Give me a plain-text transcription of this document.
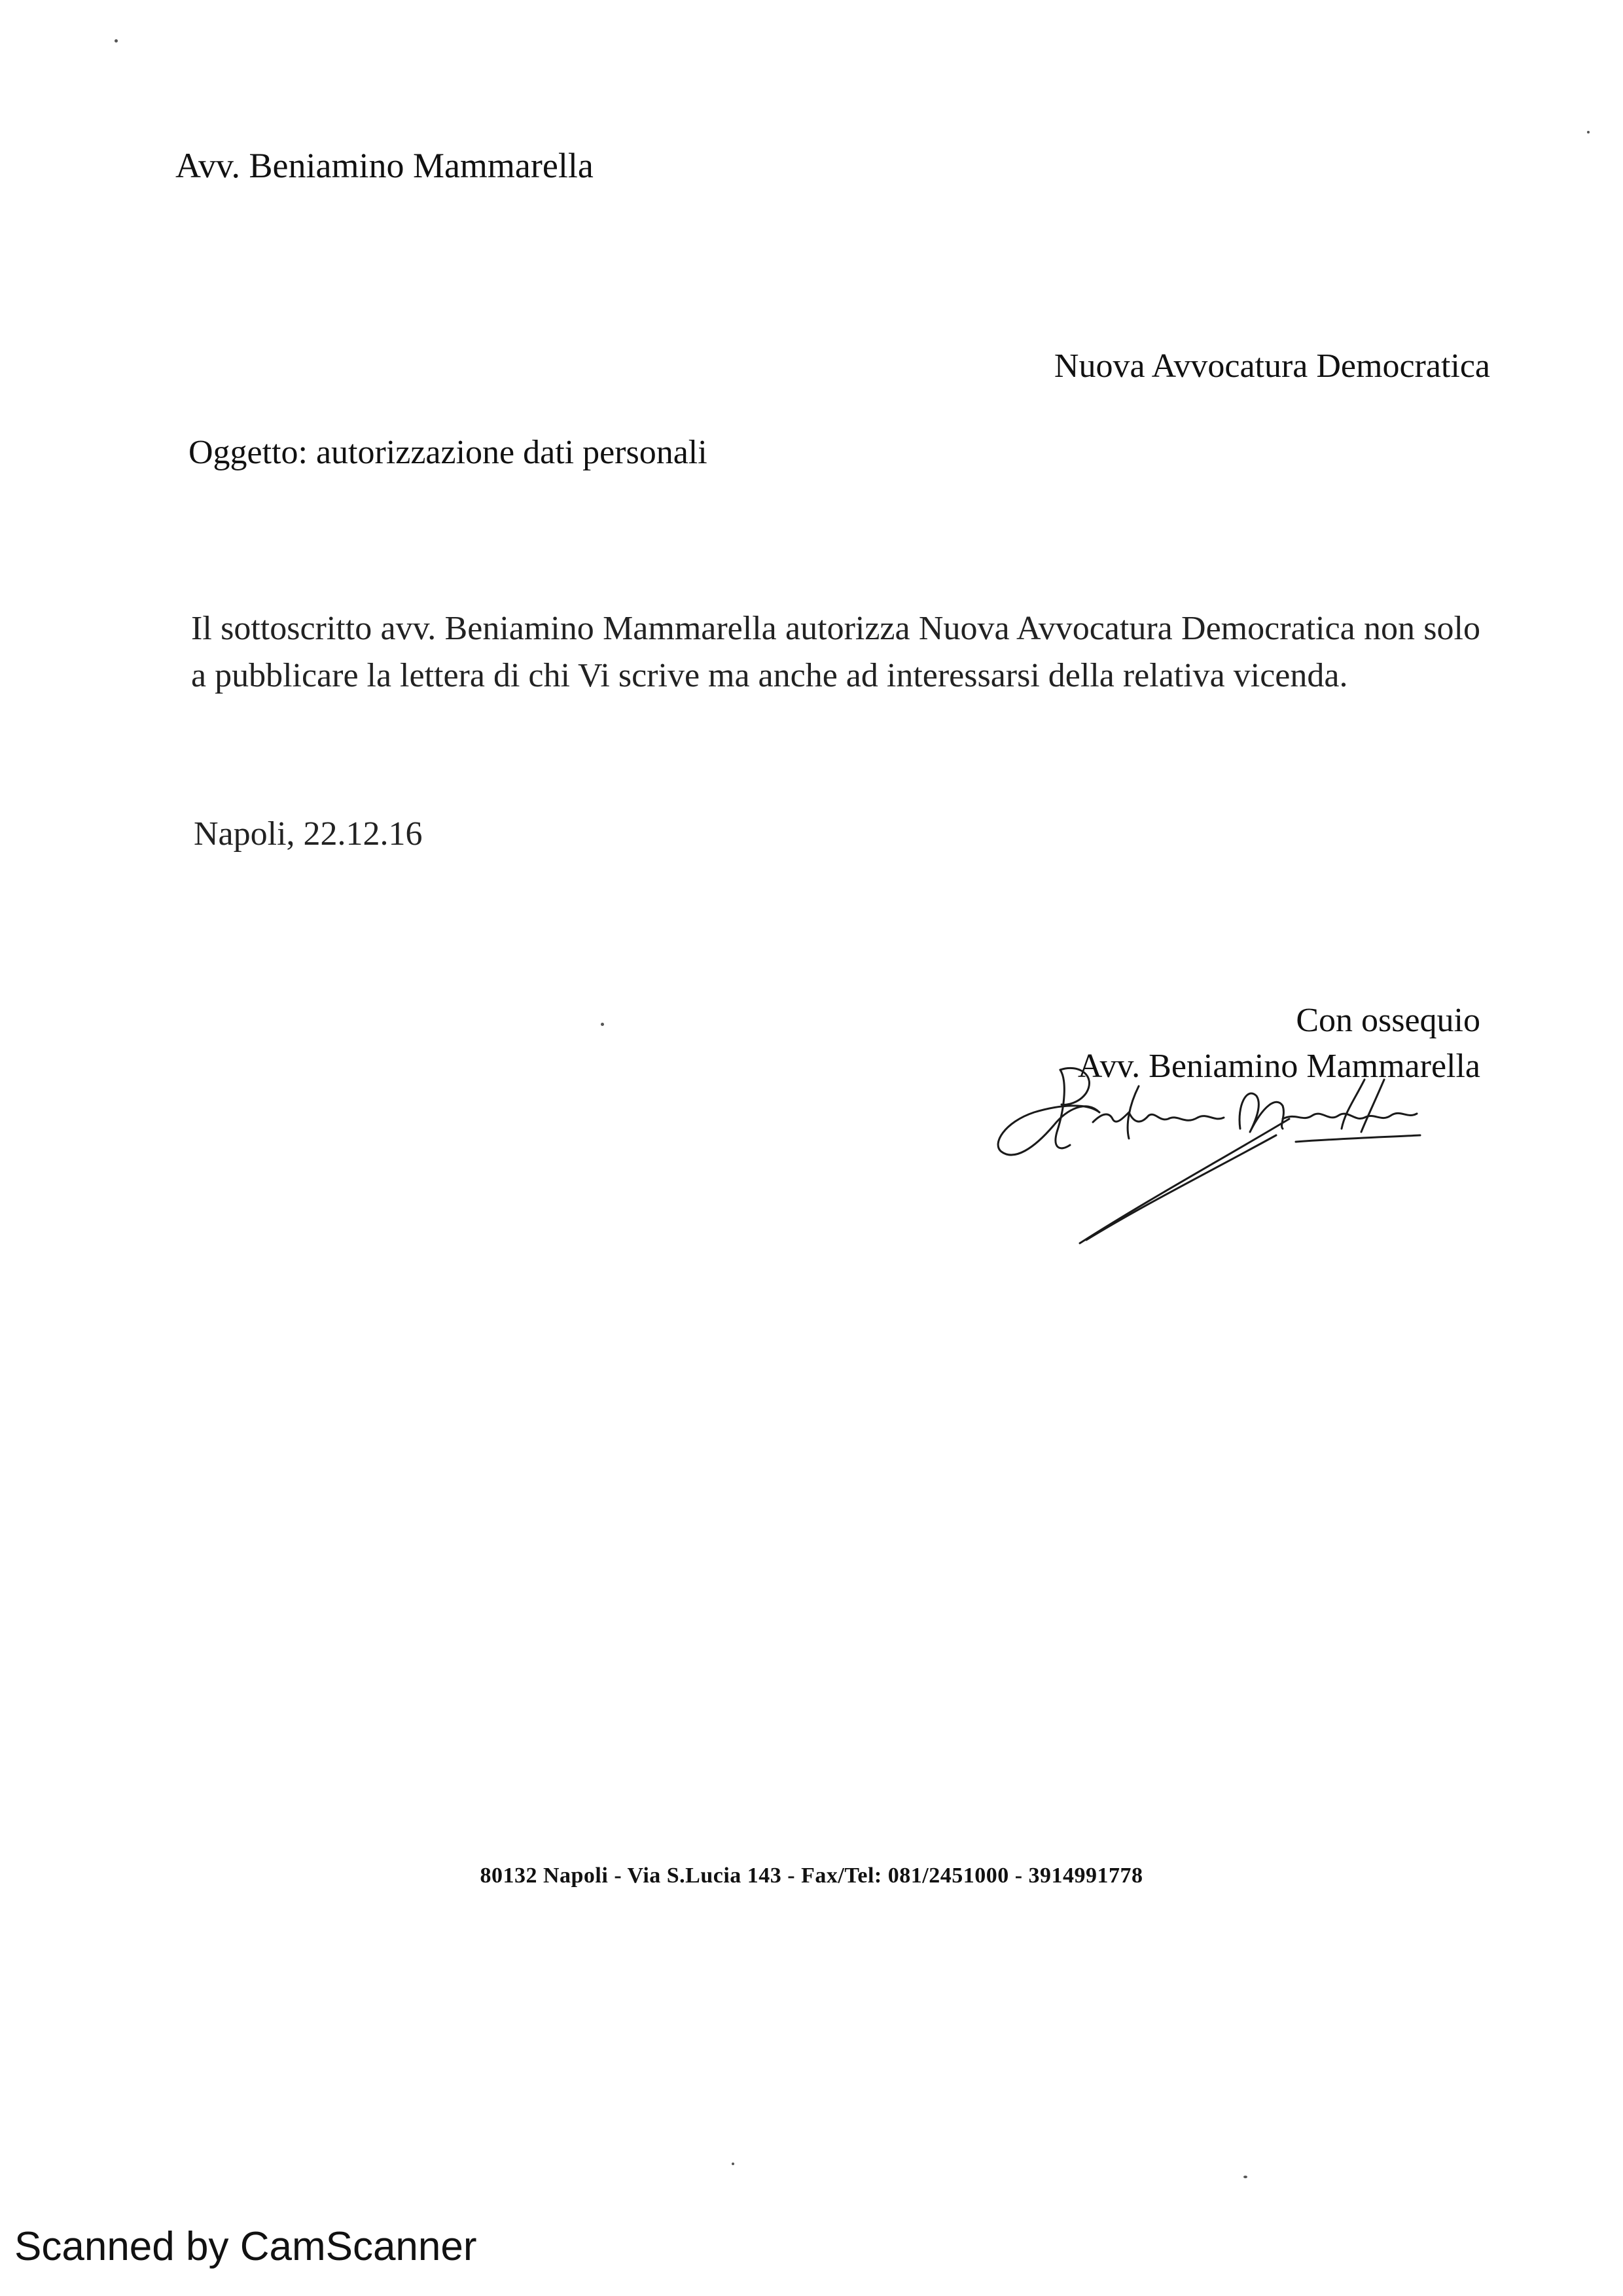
Avv. Beniamino Mammarella
Nuova Avvocatura Democratica
Oggetto: autorizzazione dati personali
Il sottoscritto avv. Beniamino Mammarella autorizza Nuova Avvocatura Democratica non solo a pubblicare la lettera di chi Vi scrive ma anche ad interessarsi della relativa vicenda.
Napoli, 22.12.16
Con ossequio
Avv. Beniamino Mammarella
80132 Napoli - Via S.Lucia 143 - Fax/Tel: 081/2451000 - 3914991778
Scanned by CamScanner
